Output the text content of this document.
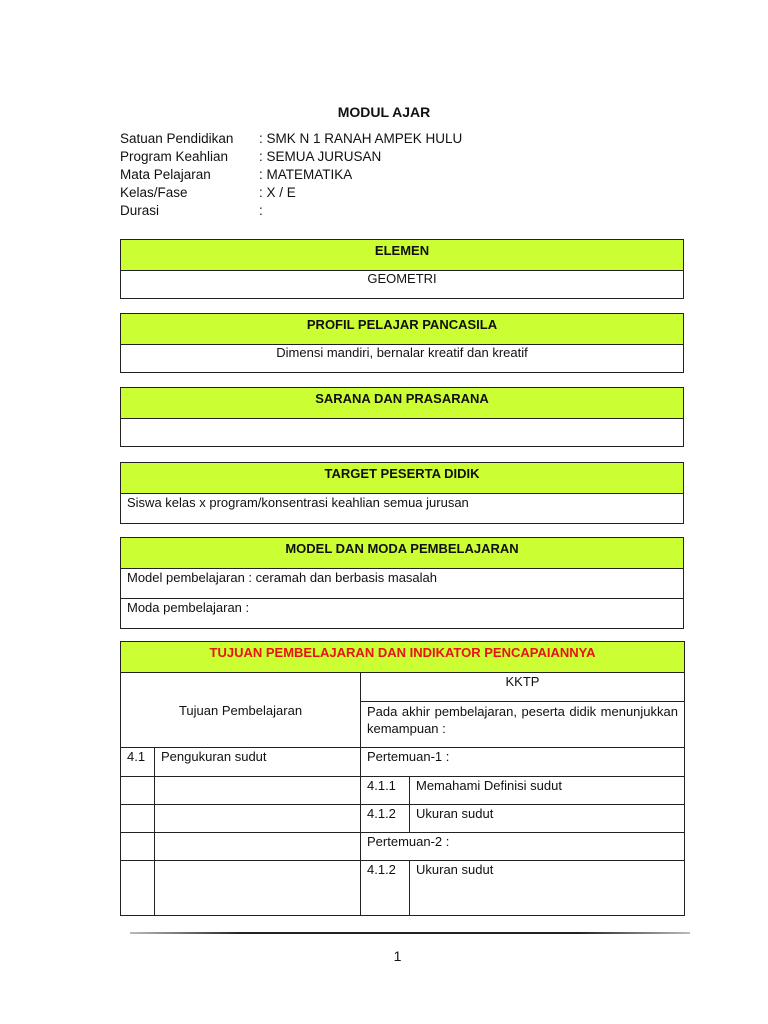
MODUL AJAR
Satuan Pendidikan	: SMK N 1 RANAH AMPEK HULU
Program Keahlian	: SEMUA JURUSAN
Mata Pelajaran	: MATEMATIKA
Kelas/Fase	: X / E
Durasi	:
ELEMEN
GEOMETRI
PROFIL PELAJAR PANCASILA
Dimensi mandiri, bernalar kreatif dan kreatif
SARANA DAN PRASARANA

TARGET PESERTA DIDIK
Siswa kelas x program/konsentrasi keahlian semua jurusan
MODEL DAN MODA PEMBELAJARAN
Model pembelajaran : ceramah dan berbasis masalah
Moda pembelajaran :
TUJUAN PEMBELAJARAN DAN INDIKATOR PENCAPAIANNYA			
Tujuan Pembelajaran		KKTP	
		Pada akhir pembelajaran, peserta didik menunjukkan kemampuan :	
4.1	Pengukuran sudut	Pertemuan-1 :	
		4.1.1	Memahami Definisi sudut
		4.1.2	Ukuran sudut
		Pertemuan-2 :	
		4.1.2	Ukuran sudut
1
